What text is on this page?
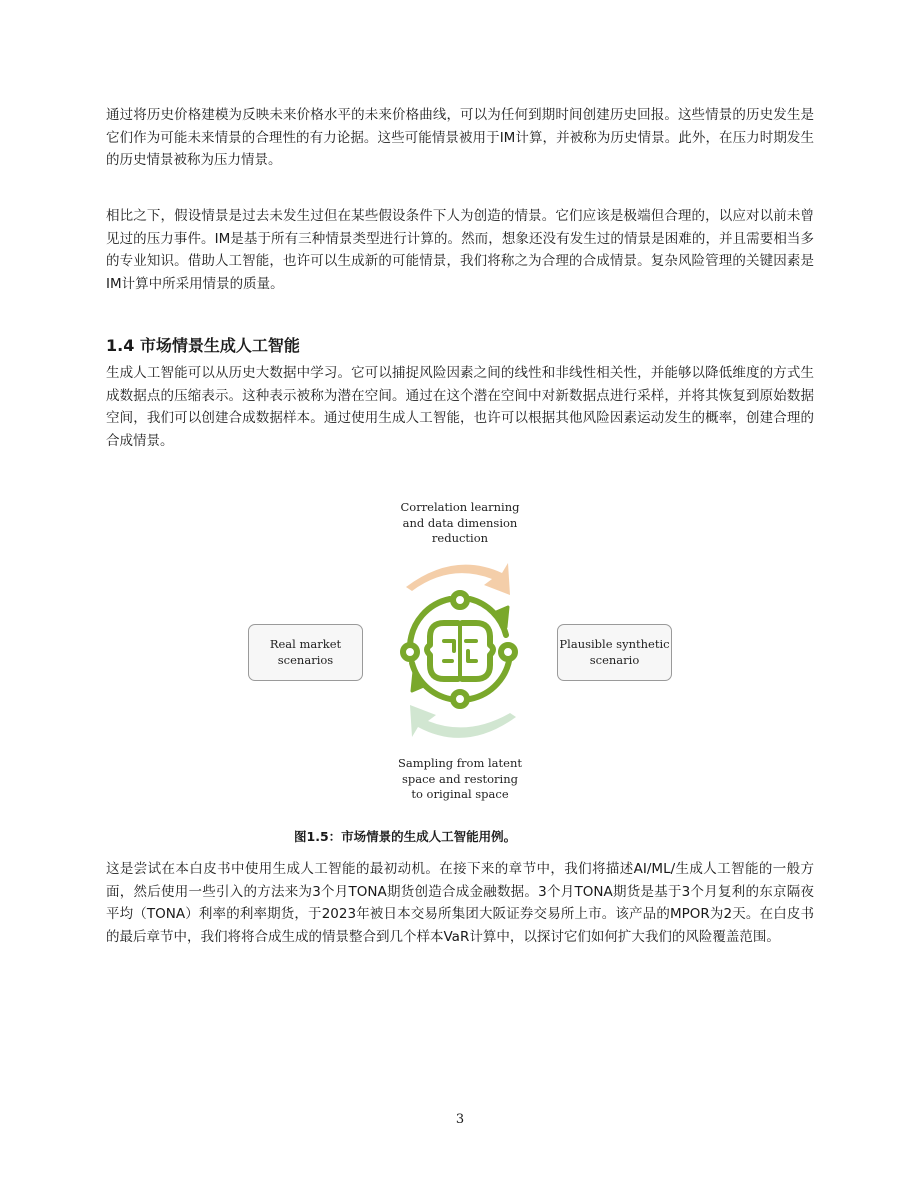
通过将历史价格建模为反映未来价格水平的未来价格曲线，可以为任何到期时间创建历史回报。这些情景的历史发生是它们作为可能未来情景的合理性的有力论据。这些可能情景被用于IM计算，并被称为历史情景。此外，在压力时期发生的历史情景被称为压力情景。

相比之下，假设情景是过去未发生过但在某些假设条件下人为创造的情景。它们应该是极端但合理的，以应对以前未曾见过的压力事件。IM是基于所有三种情景类型进行计算的。然而，想象还没有发生过的情景是困难的，并且需要相当多的专业知识。借助人工智能，也许可以生成新的可能情景，我们将称之为合理的合成情景。复杂风险管理的关键因素是IM计算中所采用情景的质量。

1.4 市场情景生成人工智能

生成人工智能可以从历史大数据中学习。它可以捕捉风险因素之间的线性和非线性相关性，并能够以降低维度的方式生成数据点的压缩表示。这种表示被称为潜在空间。通过在这个潜在空间中对新数据点进行采样，并将其恢复到原始数据空间，我们可以创建合成数据样本。通过使用生成人工智能，也许可以根据其他风险因素运动发生的概率，创建合理的合成情景。

Correlation learning
and data dimension
reduction
Real market
scenarios
Plausible synthetic
scenario
Sampling from latent
space and restoring
to original space

图1.5：市场情景的生成人工智能用例。

这是尝试在本白皮书中使用生成人工智能的最初动机。在接下来的章节中，我们将描述AI/ML/生成人工智能的一般方面，然后使用一些引入的方法来为3个月TONA期货创造合成金融数据。3个月TONA期货是基于3个月复利的东京隔夜平均（TONA）利率的利率期货，于2023年被日本交易所集团大阪证券交易所上市。该产品的MPOR为2天。在白皮书的最后章节中，我们将将合成生成的情景整合到几个样本VaR计算中，以探讨它们如何扩大我们的风险覆盖范围。

3
